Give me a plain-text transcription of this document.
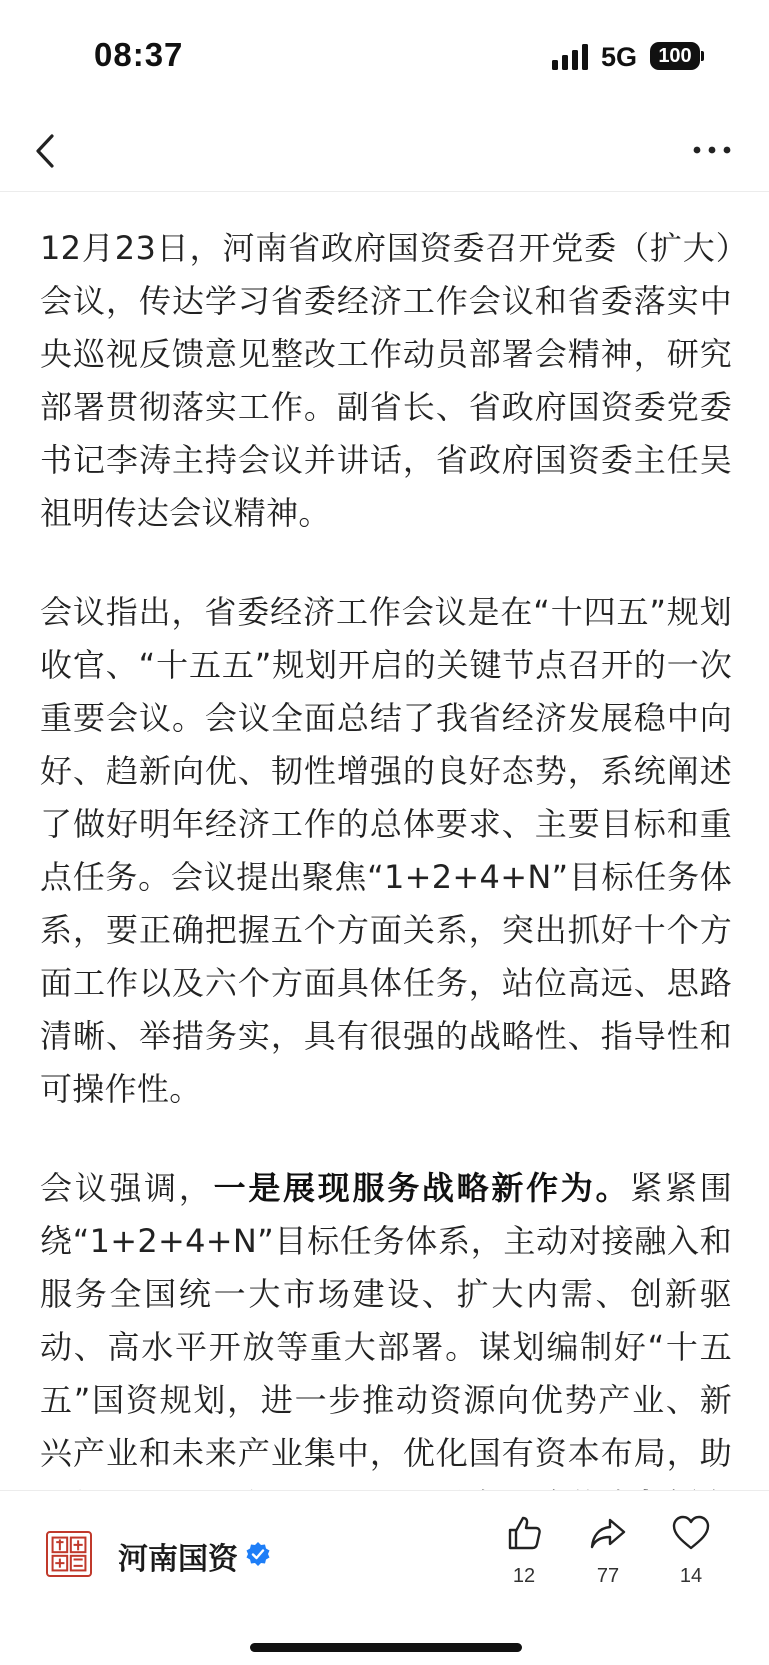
08:37	5G	100

12月23日，河南省政府国资委召开党委（扩大）会议，传达学习省委经济工作会议和省委落实中央巡视反馈意见整改工作动员部署会精神，研究部署贯彻落实工作。副省长、省政府国资委党委书记李涛主持会议并讲话，省政府国资委主任吴祖明传达会议精神。

会议指出，省委经济工作会议是在“十四五”规划收官、“十五五”规划开启的关键节点召开的一次重要会议。会议全面总结了我省经济发展稳中向好、趋新向优、韧性增强的良好态势，系统阐述了做好明年经济工作的总体要求、主要目标和重点任务。会议提出聚焦“1+2+4+N”目标任务体系，要正确把握五个方面关系，突出抓好十个方面工作以及六个方面具体任务，站位高远、思路清晰、举措务实，具有很强的战略性、指导性和可操作性。

会议强调，一是展现服务战略新作为。紧紧围绕“1+2+4+N”目标任务体系，主动对接融入和服务全国统一大市场建设、扩大内需、创新驱动、高水平开放等重大部署。谋划编制好“十五五”国资规划，进一步推动资源向优势产业、新兴产业和未来产业集中，优化国有资本布局，助

河南国资	12	77	14
